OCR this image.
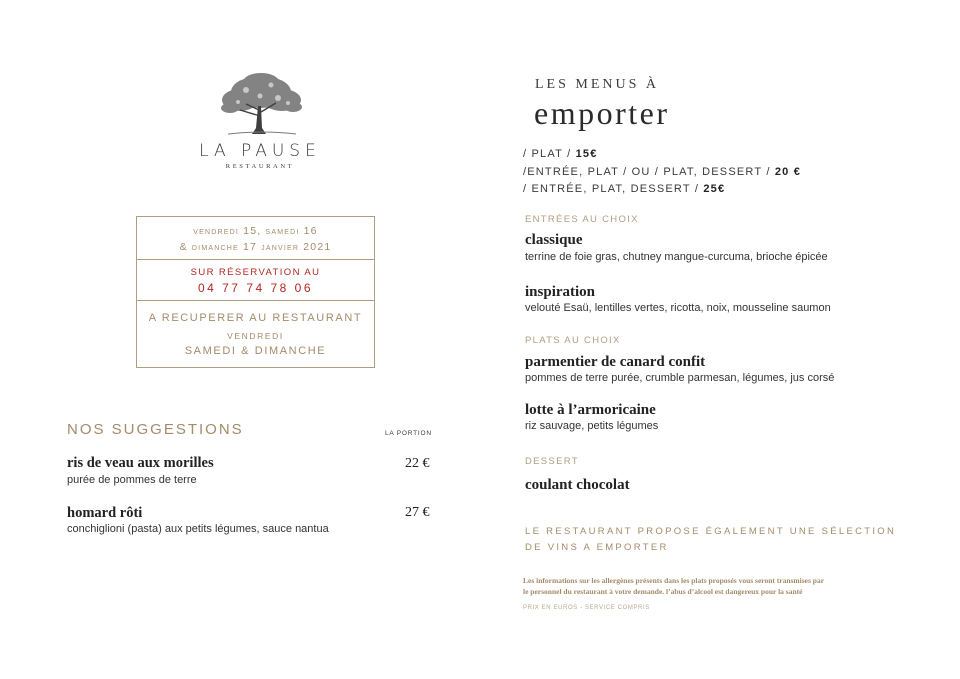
LA PAUSE
RESTAURANT
vendredi 15, samedi 16
& dimanche 17 janvier 2021
SUR RÉSERVATION AU
04 77 74 78 06
A RECUPERER AU RESTAURANT
VENDREDI
SAMEDI & DIMANCHE
NOS SUGGESTIONS	LA PORTION
ris de veau aux morilles	22 €
purée de pommes de terre
homard rôti	27 €
conchiglioni (pasta) aux petits légumes, sauce nantua
LES MENUS À
emporter
/ PLAT / 15€
/ENTRÉE, PLAT / OU / PLAT, DESSERT / 20 €
/ ENTRÉE, PLAT, DESSERT / 25€
ENTRÉES AU CHOIX
classique
terrine de foie gras, chutney mangue-curcuma, brioche épicée
inspiration
velouté Esaü, lentilles vertes, ricotta, noix, mousseline saumon
PLATS AU CHOIX
parmentier de canard confit
pommes de terre purée, crumble parmesan, légumes, jus corsé
lotte à l’armoricaine
riz sauvage, petits légumes
DESSERT
coulant chocolat
LE RESTAURANT PROPOSE ÉGALEMENT UNE SÉLECTION
DE VINS A EMPORTER
Les informations sur les allergènes présents dans les plats proposés vous seront transmises par
le personnel du restaurant à votre demande. l’abus d’alcool est dangereux pour la santé
PRIX EN EUROS - SERVICE COMPRIS
